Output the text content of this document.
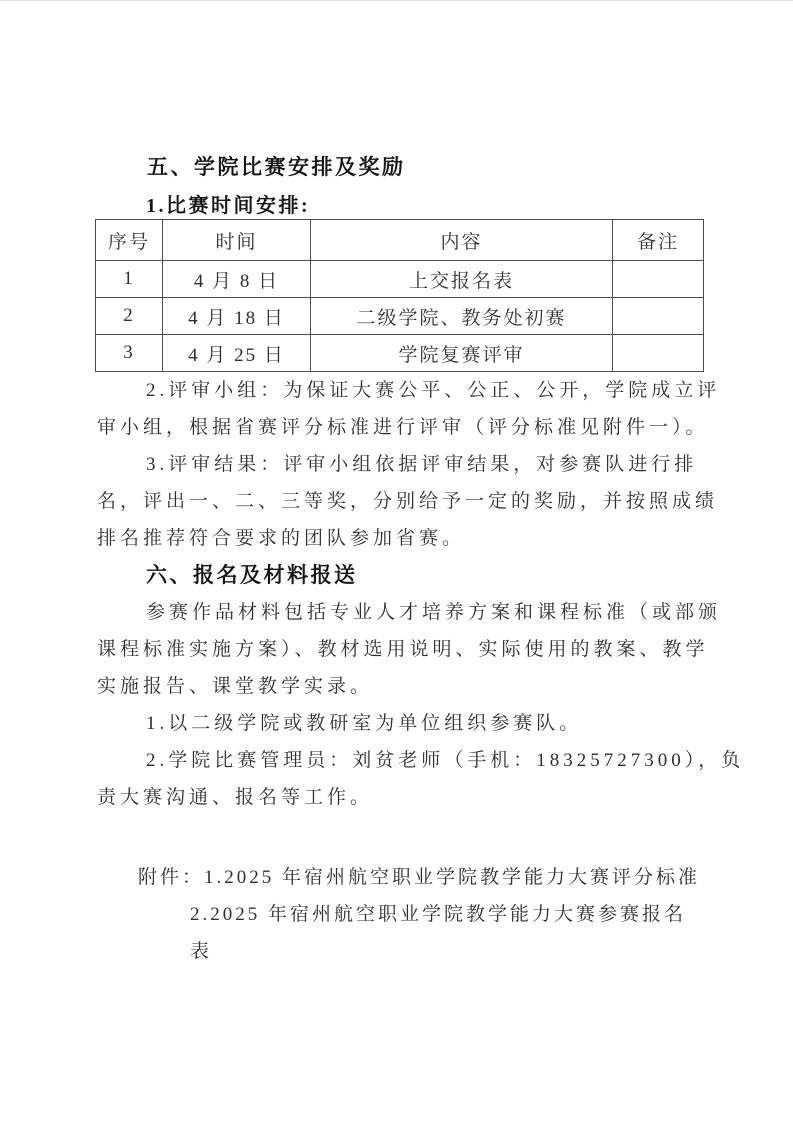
五、学院比赛安排及奖励
1.比赛时间安排:
序号	时间	内容	备注
1	4 月 8 日	上交报名表	
2	4 月 18 日	二级学院、教务处初赛	
3	4 月 25 日	学院复赛评审	
2.评审小组：为保证大赛公平、公正、公开，学院成立评
审小组，根据省赛评分标准进行评审（评分标准见附件一）。
3.评审结果：评审小组依据评审结果，对参赛队进行排
名，评出一、二、三等奖，分别给予一定的奖励，并按照成绩
排名推荐符合要求的团队参加省赛。
六、报名及材料报送
参赛作品材料包括专业人才培养方案和课程标准（或部颁
课程标准实施方案）、教材选用说明、实际使用的教案、教学
实施报告、课堂教学实录。
1.以二级学院或教研室为单位组织参赛队。
2.学院比赛管理员：刘贫老师（手机：18325727300），负
责大赛沟通、报名等工作。
附件：1.2025 年宿州航空职业学院教学能力大赛评分标准
2.2025 年宿州航空职业学院教学能力大赛参赛报名
表
